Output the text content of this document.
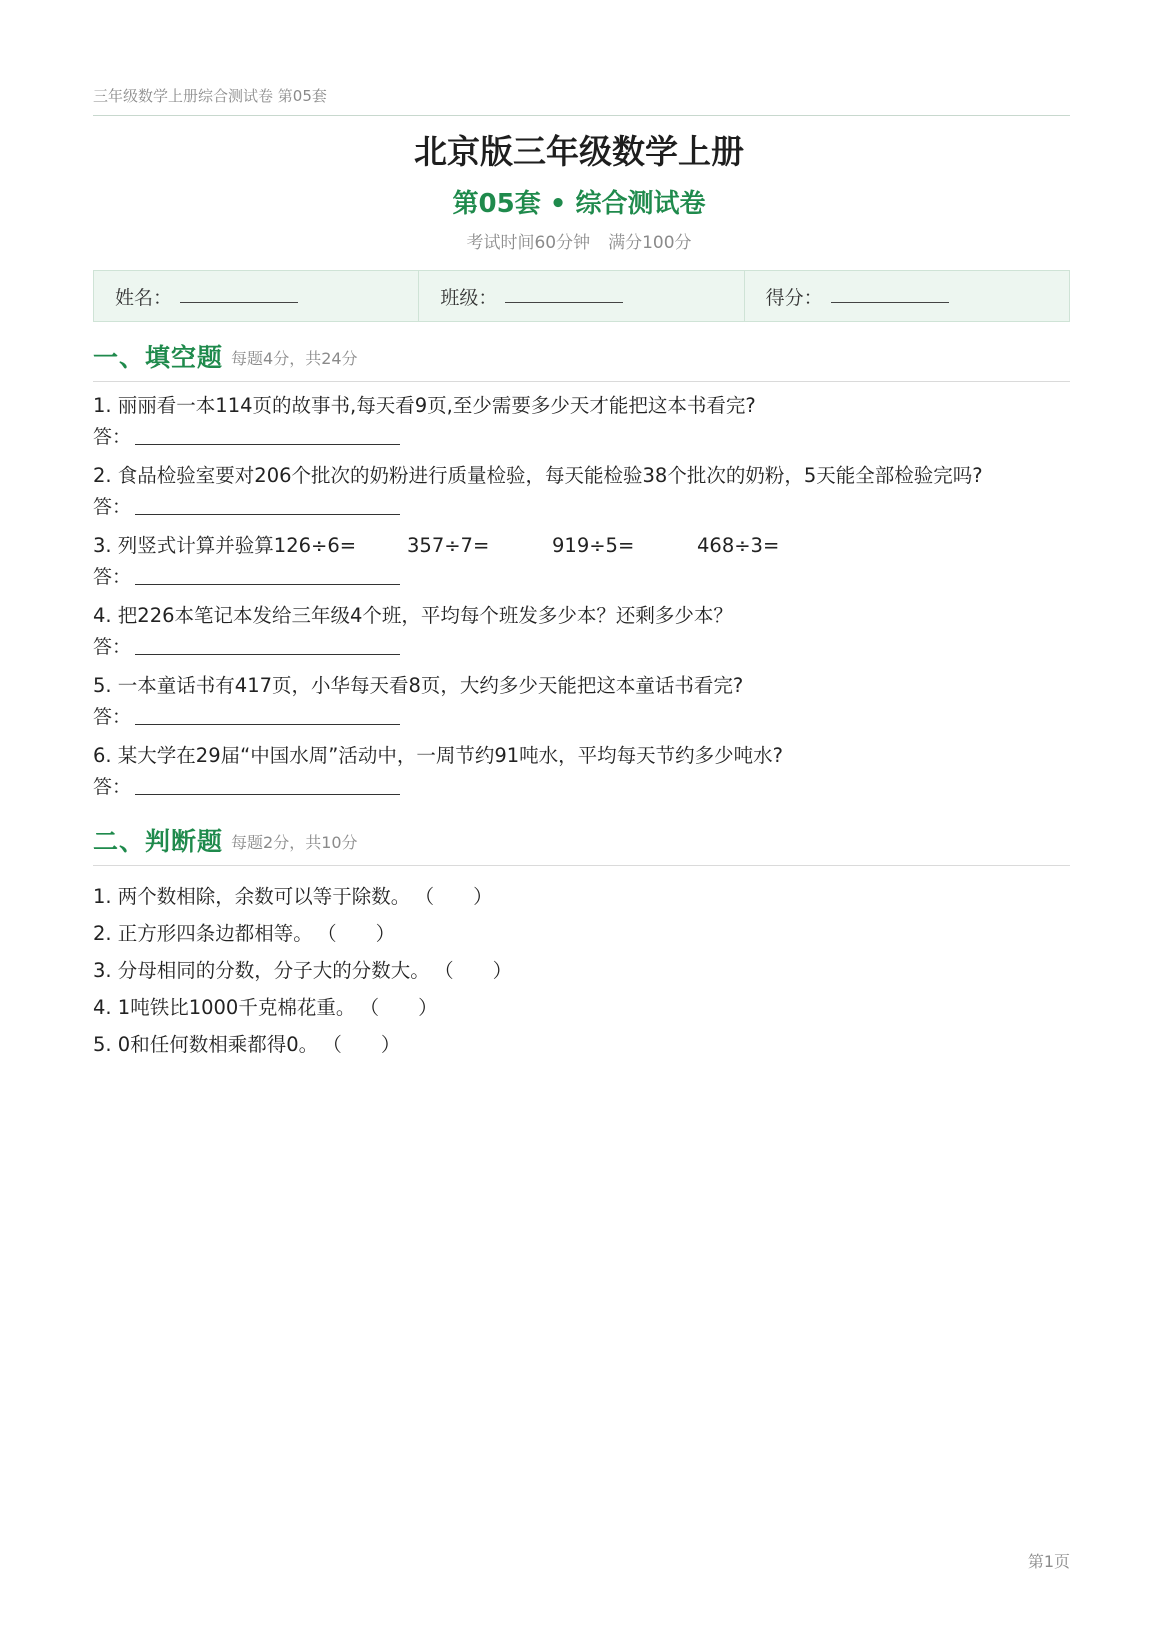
三年级数学上册综合测试卷 第05套
北京版三年级数学上册
第05套 • 综合测试卷
考试时间60分钟 满分100分
姓名：	班级：	得分：
一、填空题 每题4分，共24分
1. 丽丽看一本114页的故事书,每天看9页,至少需要多少天才能把这本书看完?
答：
2. 食品检验室要对206个批次的奶粉进行质量检验，每天能检验38个批次的奶粉，5天能全部检验完吗?
答：
3. 列竖式计算并验算126÷6=	357÷7=	919÷5=	468÷3=
答：
4. 把226本笔记本发给三年级4个班，平均每个班发多少本？还剩多少本？
答：
5. 一本童话书有417页，小华每天看8页，大约多少天能把这本童话书看完?
答：
6. 某大学在29届“中国水周”活动中，一周节约91吨水，平均每天节约多少吨水?
答：
二、判断题 每题2分，共10分
1. 两个数相除，余数可以等于除数。 （　　）
2. 正方形四条边都相等。 （　　）
3. 分母相同的分数，分子大的分数大。 （　　）
4. 1吨铁比1000千克棉花重。 （　　）
5. 0和任何数相乘都得0。 （　　）
第1页
